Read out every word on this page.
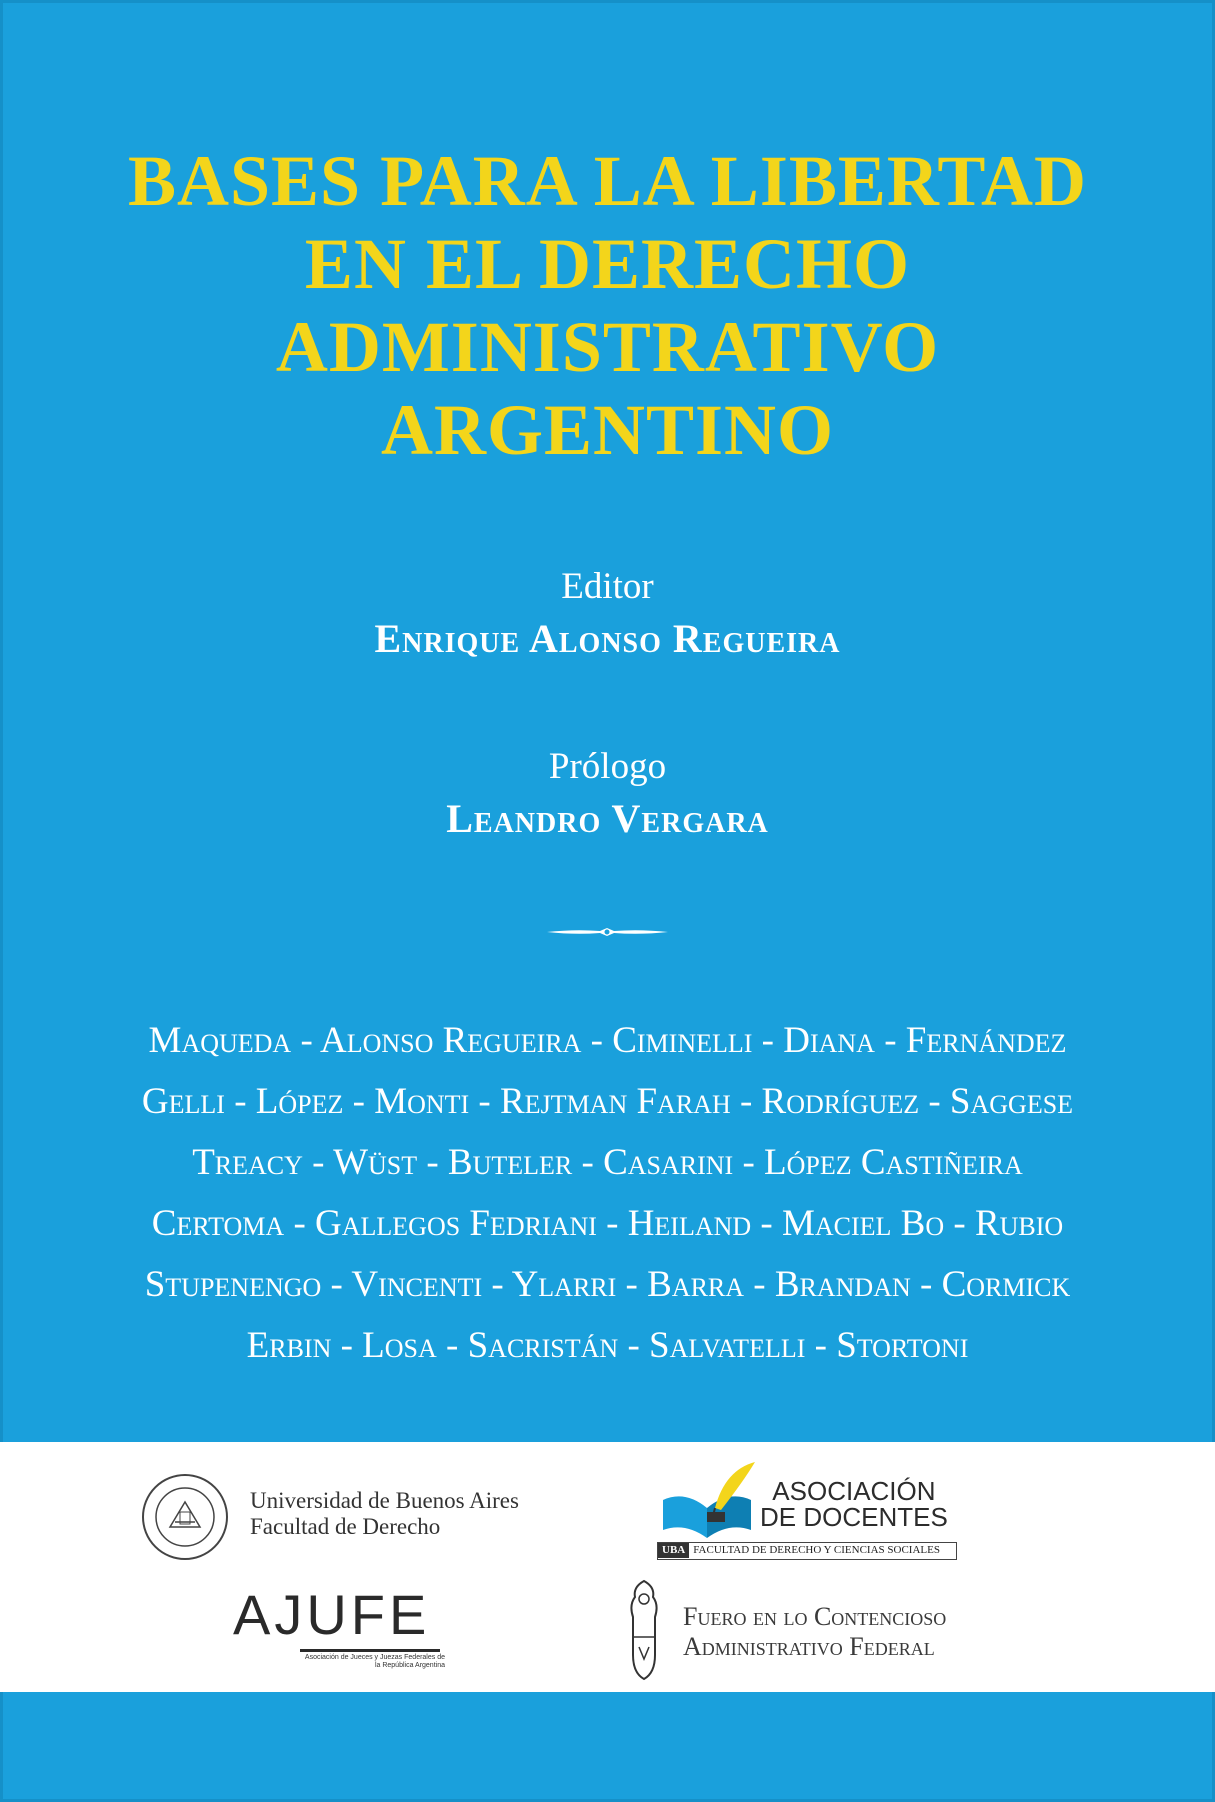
BASES PARA LA LIBERTAD
EN EL DERECHO
ADMINISTRATIVO
ARGENTINO
Editor
Enrique Alonso Regueira
Prólogo
Leandro Vergara
Maqueda - Alonso Regueira - Ciminelli - Diana - Fernández
Gelli - López - Monti - Rejtman Farah - Rodríguez - Saggese
Treacy - Wüst - Buteler - Casarini - López Castiñeira
Certoma - Gallegos Fedriani - Heiland - Maciel Bo - Rubio
Stupenengo - Vincenti - Ylarri - Barra - Brandan - Cormick
Erbin - Losa - Sacristán - Salvatelli - Stortoni
Universidad de Buenos Aires
Facultad de Derecho
ASOCIACIÓN
DE DOCENTES
UBA FACULTAD DE DERECHO Y CIENCIAS SOCIALES
AJUFE
Asociación de Jueces y Juezas Federales de la República Argentina
Fuero en lo Contencioso
Administrativo Federal
